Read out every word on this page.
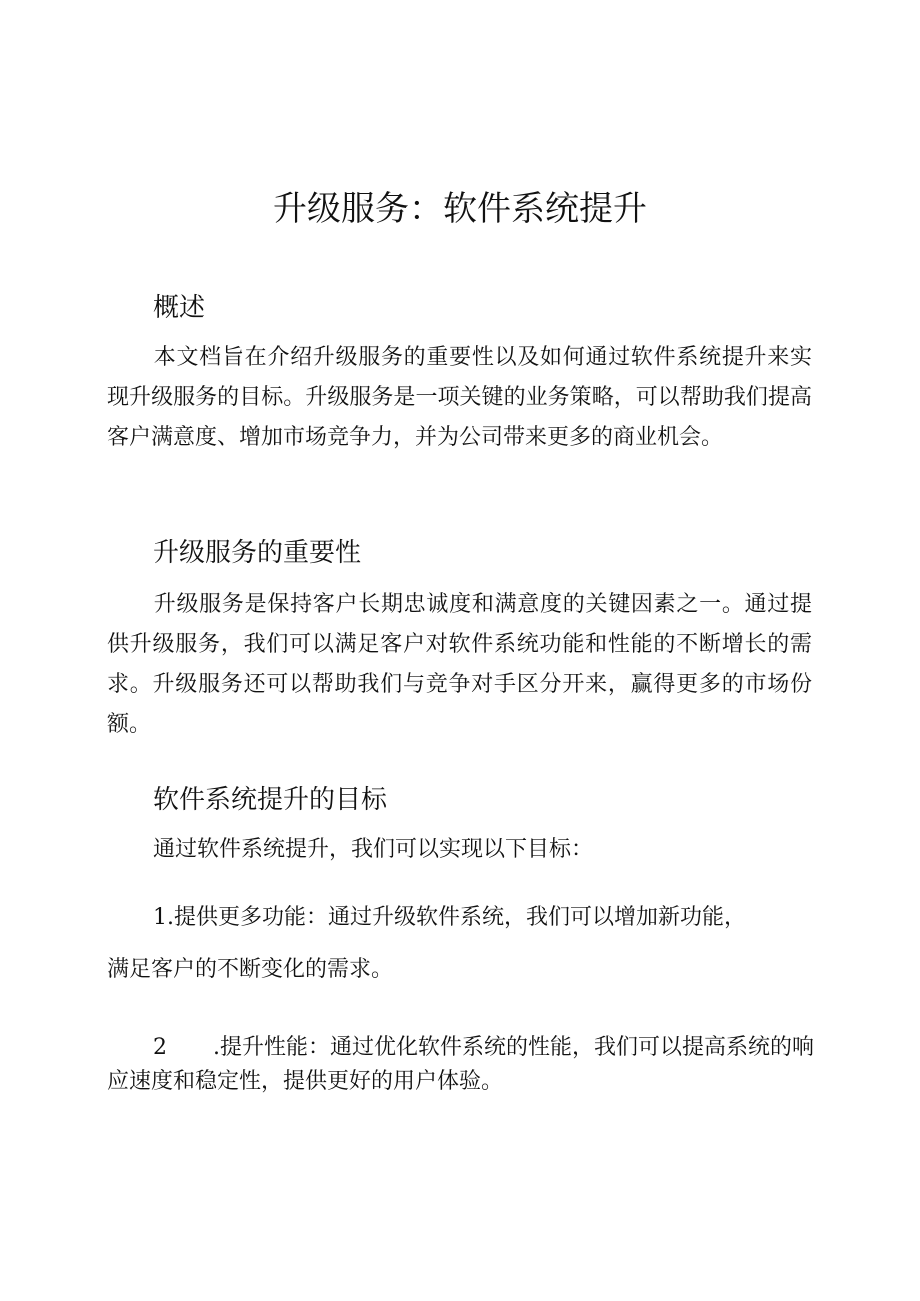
升级服务：软件系统提升
概述

本文档旨在介绍升级服务的重要性以及如何通过软件系统提升来实现升级服务的目标。升级服务是一项关键的业务策略，可以帮助我们提高客户满意度、增加市场竞争力，并为公司带来更多的商业机会。

升级服务的重要性

升级服务是保持客户长期忠诚度和满意度的关键因素之一。通过提供升级服务，我们可以满足客户对软件系统功能和性能的不断增长的需求。升级服务还可以帮助我们与竞争对手区分开来，赢得更多的市场份额。

软件系统提升的目标

通过软件系统提升，我们可以实现以下目标：

1.提供更多功能：通过升级软件系统，我们可以增加新功能，

满足客户的不断变化的需求。

2 .提升性能：通过优化软件系统的性能，我们可以提高系统的响

应速度和稳定性，提供更好的用户体验。
